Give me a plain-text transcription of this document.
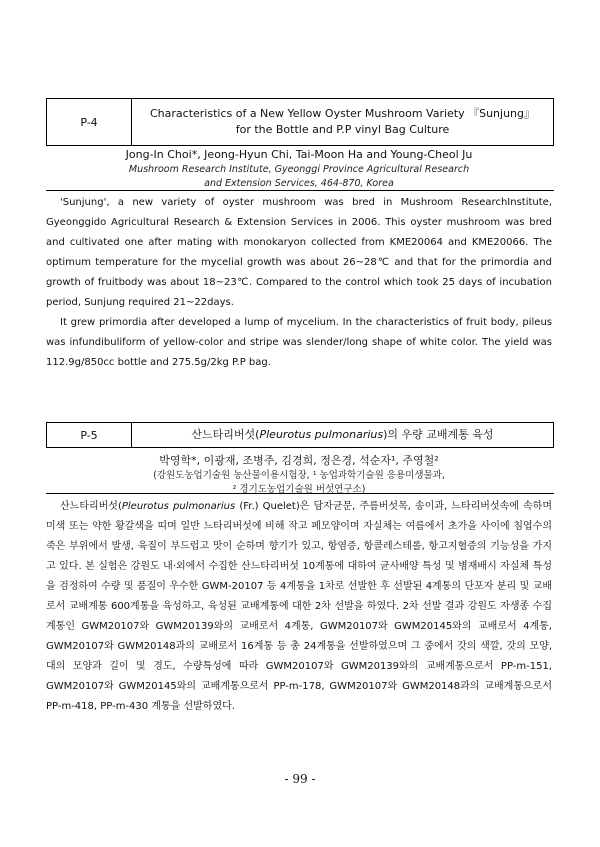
P-4
Characteristics of a New Yellow Oyster Mushroom Variety 『Sunjung』
for the Bottle and P.P vinyl Bag Culture
Jong-In Choi*, Jeong-Hyun Chi, Tai-Moon Ha and Young-Cheol Ju
Mushroom Research Institute, Gyeonggi Province Agricultural Research
and Extension Services, 464-870, Korea

'Sunjung', a new variety of oyster mushroom was bred in Mushroom ResearchInstitute, Gyeonggido Agricultural Research & Extension Services in 2006. This oyster mushroom was bred and cultivated one after mating with monokaryon collected from KME20064 and KME20066. The optimum temperature for the mycelial growth was about 26~28℃ and that for the primordia and growth of fruitbody was about 18~23℃. Compared to the control which took 25 days of incubation period, Sunjung required 21~22days.

It grew primordia after developed a lump of mycelium. In the characteristics of fruit body, pileus was infundibuliform of yellow-color and stripe was slender/long shape of white color. The yield was 112.9g/850cc bottle and 275.5g/2kg P.P bag.

P-5	산느타리버섯(Pleurotus pulmonarius)의 우량 교배계통 육성
박영학*, 이광재, 조병주, 김경희, 정은경, 석순자¹, 주영철²
(강원도농업기술원 농산물이용시험장, ¹ 농업과학기술원 응용미생물과,
² 경기도농업기술원 버섯연구소)

산느타리버섯(Pleurotus pulmonarius (Fr.) Quelet)은 담자균문, 주름버섯목, 송이과, 느타리버섯속에 속하며 미색 또는 약한 황갈색을 띠며 일반 느타리버섯에 비해 작고 페모양이며 자실체는 여름에서 초가을 사이에 침엽수의 죽은 부위에서 발생, 육질이 부드럽고 맛이 순하며 향기가 있고, 항염증, 항콜레스테롤, 항고지혈증의 기능성을 가지고 있다. 본 실험은 강원도 내·외에서 수집한 산느타리버섯 10계통에 대하여 균사배양 특성 및 병재배시 자실체 특성을 검정하여 수량 및 품질이 우수한 GWM-20107 등 4계통을 1차로 선발한 후 선발된 4계통의 단포자 분리 및 교배로서 교배계통 600계통을 육성하고, 육성된 교배계통에 대한 2차 선발을 하였다. 2차 선발 결과 강원도 자생종 수집계통인 GWM20107와 GWM20139와의 교배로서 4계통, GWM20107와 GWM20145와의 교배로서 4계통, GWM20107와 GWM20148과의 교배로서 16계통 등 총 24계통을 선발하였으며 그 중에서 갓의 색깔, 갓의 모양, 대의 모양과 길이 및 경도, 수량특성에 따라 GWM20107와 GWM20139와의 교배계통으로서 PP-m-151, GWM20107와 GWM20145와의 교배계통으로서 PP-m-178, GWM20107와 GWM20148과의 교배계통으로서 PP-m-418, PP-m-430 계통을 선발하였다.

- 99 -
